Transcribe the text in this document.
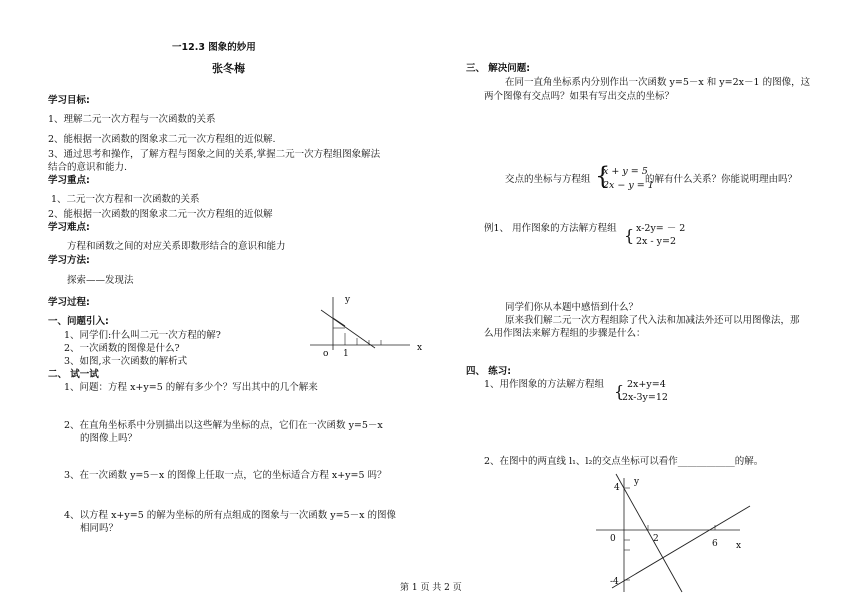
一12.3 图象的妙用
张冬梅
学习目标:
1、理解二元一次方程与一次函数的关系
2、能根据一次函数的图象求二元一次方程组的近似解.
3、通过思考和操作，了解方程与图象之间的关系,掌握二元一次方程组图象解法
结合的意识和能力.
学习重点:
1、二元一次方程和一次函数的关系
2、能根据一次函数的图象求二元一次方程组的近似解
学习难点:
方程和函数之间的对应关系即数形结合的意识和能力
学习方法:
探索——发现法
学习过程:
一、问题引入:
1、同学们:什么叫二元一次方程的解?
2、一次函数的图像是什么?
3、如图,求一次函数的解析式
二、 试一试
1、问题：方程 x+y=5 的解有多少个？写出其中的几个解来
2、在直角坐标系中分别描出以这些解为坐标的点，它们在一次函数 y=5－x
的图像上吗？
3、在一次函数 y=5－x 的图像上任取一点，它的坐标适合方程 x+y=5 吗？
4、以方程 x+y=5 的解为坐标的所有点组成的图象与一次函数 y=5－x 的图像
相同吗？
y
x
o 1
三、 解决问题:
在同一直角坐标系内分别作出一次函数 y=5－x 和 y=2x－1 的图像，这
两个图像有交点吗？如果有写出交点的坐标？
交点的坐标与方程组 {
x + y = 5
2x − y = 1
的解有什么关系？你能说明理由吗？
例1、 用作图象的方法解方程组 { x-2y= － 2
2x - y=2
同学们你从本题中感悟到什么？
原来我们解二元一次方程组除了代入法和加减法外还可以用图像法，那
么用作图法来解方程组的步骤是什么：
四、 练习:
1、用作图象的方法解方程组 { 2x+y=4
2x-3y=12
2、在图中的两直线 l₁、l₂的交点坐标可以看作____________的解。
y
x
0
4
2	6
-4
第 1 页 共 2 页
